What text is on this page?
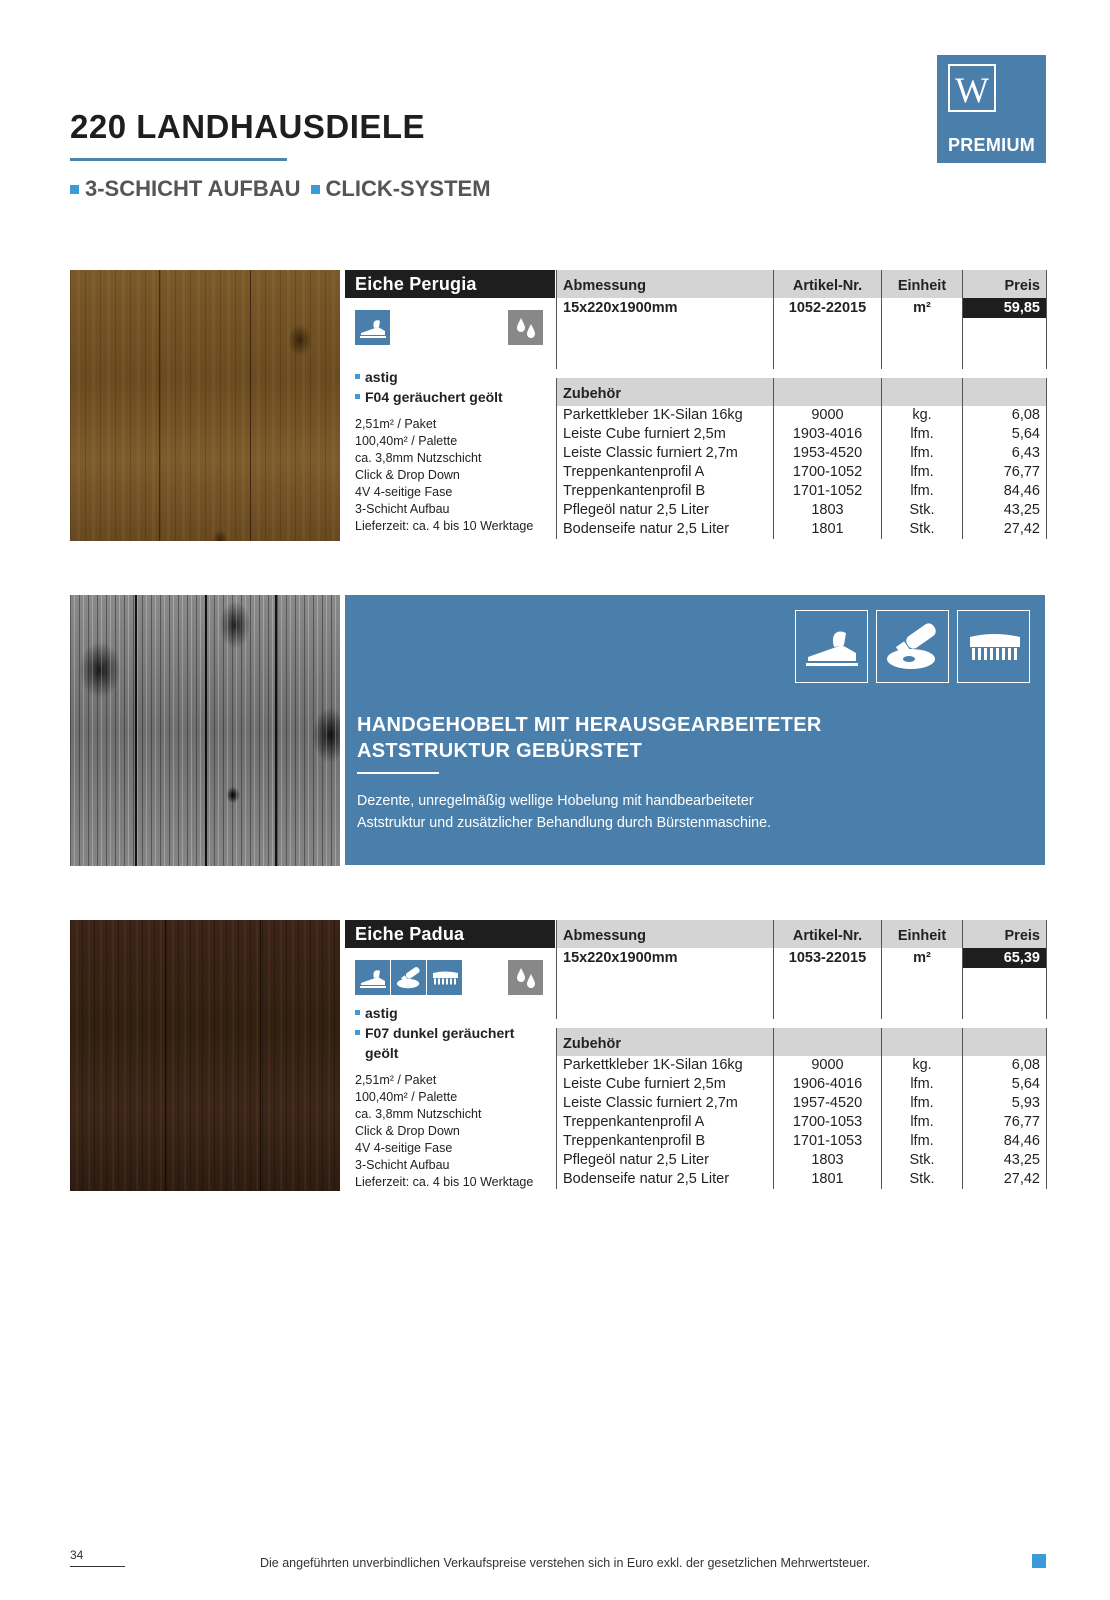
220 LANDHAUSDIELE
3-SCHICHT AUFBAU CLICK-SYSTEM
W
PREMIUM
Eiche Perugia
astig
F04 geräuchert geölt
2,51m² / Paket
100,40m² / Palette
ca. 3,8mm Nutzschicht
Click & Drop Down
4V 4-seitige Fase
3-Schicht Aufbau
Lieferzeit: ca. 4 bis 10 Werktage
Abmessung	Artikel-Nr.	Einheit	Preis
15x220x1900mm	1052-22015	m²	59,85

Zubehör			
Parkettkleber 1K-Silan 16kg	9000	kg.	6,08
Leiste Cube furniert 2,5m	1903-4016	lfm.	5,64
Leiste Classic furniert 2,7m	1953-4520	lfm.	6,43
Treppenkantenprofil A	1700-1052	lfm.	76,77
Treppenkantenprofil B	1701-1052	lfm.	84,46
Pflegeöl natur 2,5 Liter	1803	Stk.	43,25
Bodenseife natur 2,5 Liter	1801	Stk.	27,42
HANDGEHOBELT MIT HERAUSGEARBEITETER
ASTSTRUKTUR GEBÜRSTET

Dezente, unregelmäßig wellige Hobelung mit handbearbeiteter
Aststruktur und zusätzlicher Behandlung durch Bürstenmaschine.

Eiche Padua
astig
F07 dunkel geräuchert geölt
2,51m² / Paket
100,40m² / Palette
ca. 3,8mm Nutzschicht
Click & Drop Down
4V 4-seitige Fase
3-Schicht Aufbau
Lieferzeit: ca. 4 bis 10 Werktage
Abmessung	Artikel-Nr.	Einheit	Preis
15x220x1900mm	1053-22015	m²	65,39

Zubehör			
Parkettkleber 1K-Silan 16kg	9000	kg.	6,08
Leiste Cube furniert 2,5m	1906-4016	lfm.	5,64
Leiste Classic furniert 2,7m	1957-4520	lfm.	5,93
Treppenkantenprofil A	1700-1053	lfm.	76,77
Treppenkantenprofil B	1701-1053	lfm.	84,46
Pflegeöl natur 2,5 Liter	1803	Stk.	43,25
Bodenseife natur 2,5 Liter	1801	Stk.	27,42
34
Die angeführten unverbindlichen Verkaufspreise verstehen sich in Euro exkl. der gesetzlichen Mehrwertsteuer.
